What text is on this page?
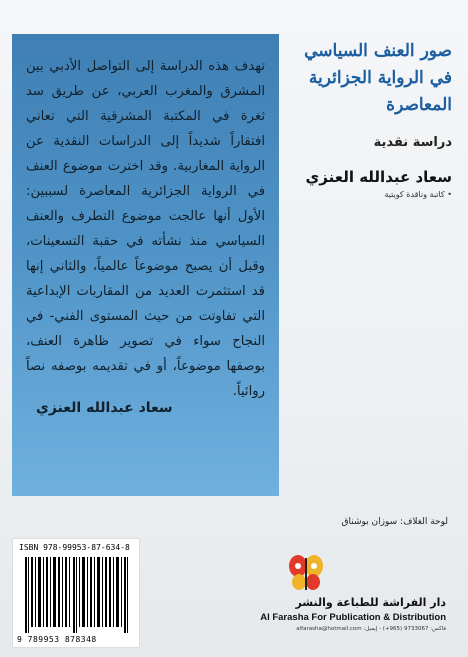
تهدف هذه الدراسة إلى التواصل الأدبي بين المشرق والمغرب العربي، عن طريق سد ثغرة في المكتبة المشرقية التي تعاني افتقاراً شديداً إلى الدراسات النقدية عن الرواية المغاربية. وقد اخترت موضوع العنف في الرواية الجزائرية المعاصرة لسببين: الأول أنها عالجت موضوع التطرف والعنف السياسي منذ نشأته في حقبة التسعينات، وقبل أن يصبح موضوعاً عالمياً، والثاني إنها قد استثمرت العديد من المقاربات الإبداعية التي تفاوتت من حيث المستوى الفني- في النجاح سواء في تصوير ظاهرة العنف، بوصفها موضوعاً، أو في تقديمه بوصفه نصاً روائياً.

سعاد عبدالله العنزي
صور العنف السياسي في الرواية الجزائرية المعاصرة

دراسة نقدية

سعاد عبدالله العنزي

• كاتبة وناقدة كويتية

لوحة الغلاف: سوزان بوشناق
ISBN 978-99953-87-634-8
9 789953 878348
دار الفراشة للطباعة والنشر
Al Farasha For Publication & Distribution
فاكس: 9733067 (965+) - إيميل: alfarasha@hotmail.com
